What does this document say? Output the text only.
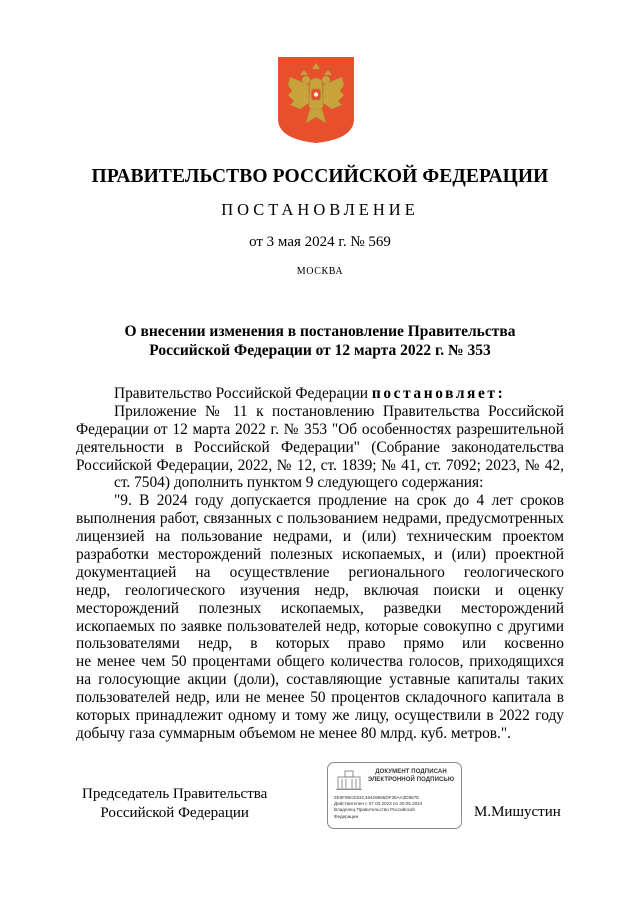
ПРАВИТЕЛЬСТВО РОССИЙСКОЙ ФЕДЕРАЦИИ
ПОСТАНОВЛЕНИЕ
от 3 мая 2024 г. № 569
МОСКВА
О внесении изменения в постановление Правительства
Российской Федерации от 12 марта 2022 г. № 353
Правительство Российской Федерации постановляет:
Приложение № 11 к постановлению Правительства Российской
Федерации от 12 марта 2022 г. № 353 "Об особенностях разрешительной
деятельности в Российской Федерации" (Собрание законодательства
Российской Федерации, 2022, № 12, ст. 1839; № 41, ст. 7092; 2023, № 42,
ст. 7504) дополнить пунктом 9 следующего содержания:
"9. В 2024 году допускается продление на срок до 4 лет сроков
выполнения работ, связанных с пользованием недрами, предусмотренных
лицензией на пользование недрами, и (или) техническим проектом
разработки месторождений полезных ископаемых, и (или) проектной
документацией на осуществление регионального геологического
недр, геологического изучения недр, включая поиски и оценку
месторождений полезных ископаемых, разведки месторождений
ископаемых по заявке пользователей недр, которые совокупно с другими
пользователями недр, в которых право прямо или косвенно
не менее чем 50 процентами общего количества голосов, приходящихся
на голосующие акции (доли), составляющие уставные капиталы таких
пользователей недр, или не менее 50 процентов складочного капитала в
которых принадлежит одному и тому же лицу, осуществили в 2022 году
добычу газа суммарным объемом не менее 80 млрд. куб. метров.".
Председатель Правительства
Российской Федерации
ДОКУМЕНТ ПОДПИСАН
ЭЛЕКТРОННОЙ ПОДПИСЬЮ
2E6F99CE53C46426866DF38AA3D867E
Действителен с 07.03.2023 по 30.05.2024
Владелец Правительство Российской
Федерации	М.Мишустин
